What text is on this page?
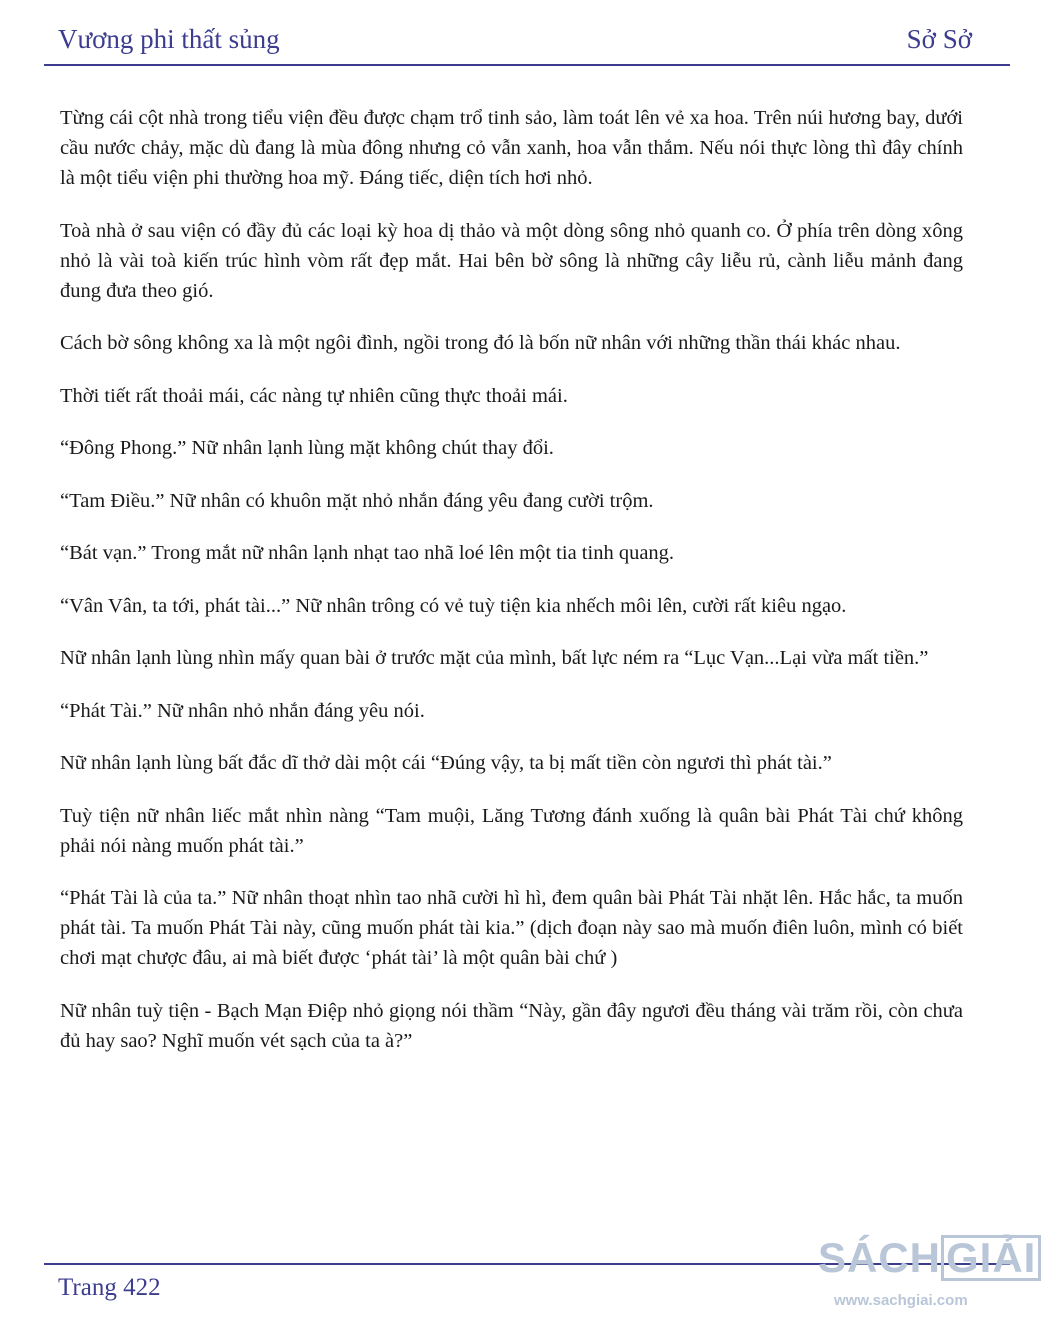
Vương phi thất sủng	Sở Sở

Từng cái cột nhà trong tiểu viện đều được chạm trổ tinh sảo, làm toát lên vẻ xa hoa. Trên núi hương bay, dưới cầu nước chảy, mặc dù đang là mùa đông nhưng cỏ vẫn xanh, hoa vẫn thắm. Nếu nói thực lòng thì đây chính là một tiểu viện phi thường hoa mỹ. Đáng tiếc, diện tích hơi nhỏ.

Toà nhà ở sau viện có đầy đủ các loại kỳ hoa dị thảo và một dòng sông nhỏ quanh co. Ở phía trên dòng xông nhỏ là vài toà kiến trúc hình vòm rất đẹp mắt. Hai bên bờ sông là những cây liễu rủ, cành liễu mảnh đang đung đưa theo gió.

Cách bờ sông không xa là một ngôi đình, ngồi trong đó là bốn nữ nhân với những thần thái khác nhau.

Thời tiết rất thoải mái, các nàng tự nhiên cũng thực thoải mái.

“Đông Phong.” Nữ nhân lạnh lùng mặt không chút thay đổi.

“Tam Điều.” Nữ nhân có khuôn mặt nhỏ nhắn đáng yêu đang cười trộm.

“Bát vạn.” Trong mắt nữ nhân lạnh nhạt tao nhã loé lên một tia tinh quang.

“Vân Vân, ta tới, phát tài...” Nữ nhân trông có vẻ tuỳ tiện kia nhếch môi lên, cười rất kiêu ngạo.

Nữ nhân lạnh lùng nhìn mấy quan bài ở trước mặt của mình, bất lực ném ra “Lục Vạn...Lại vừa mất tiền.”

“Phát Tài.” Nữ nhân nhỏ nhắn đáng yêu nói.

Nữ nhân lạnh lùng bất đắc dĩ thở dài một cái “Đúng vậy, ta bị mất tiền còn ngươi thì phát tài.”

Tuỳ tiện nữ nhân liếc mắt nhìn nàng “Tam muội, Lăng Tương đánh xuống là quân bài Phát Tài chứ không phải nói nàng muốn phát tài.”

“Phát Tài là của ta.” Nữ nhân thoạt nhìn tao nhã cười hì hì, đem quân bài Phát Tài nhặt lên. Hắc hắc, ta muốn phát tài. Ta muốn Phát Tài này, cũng muốn phát tài kia.” (dịch đoạn này sao mà muốn điên luôn, mình có biết chơi mạt chược đâu, ai mà biết được ‘phát tài’ là một quân bài chứ )

Nữ nhân tuỳ tiện - Bạch Mạn Điệp nhỏ giọng nói thầm “Này, gần đây ngươi đều tháng vài trăm rồi, còn chưa đủ hay sao? Nghĩ muốn vét sạch của ta à?”

Trang 422
SÁCH GIẢI
www.sachgiai.com
